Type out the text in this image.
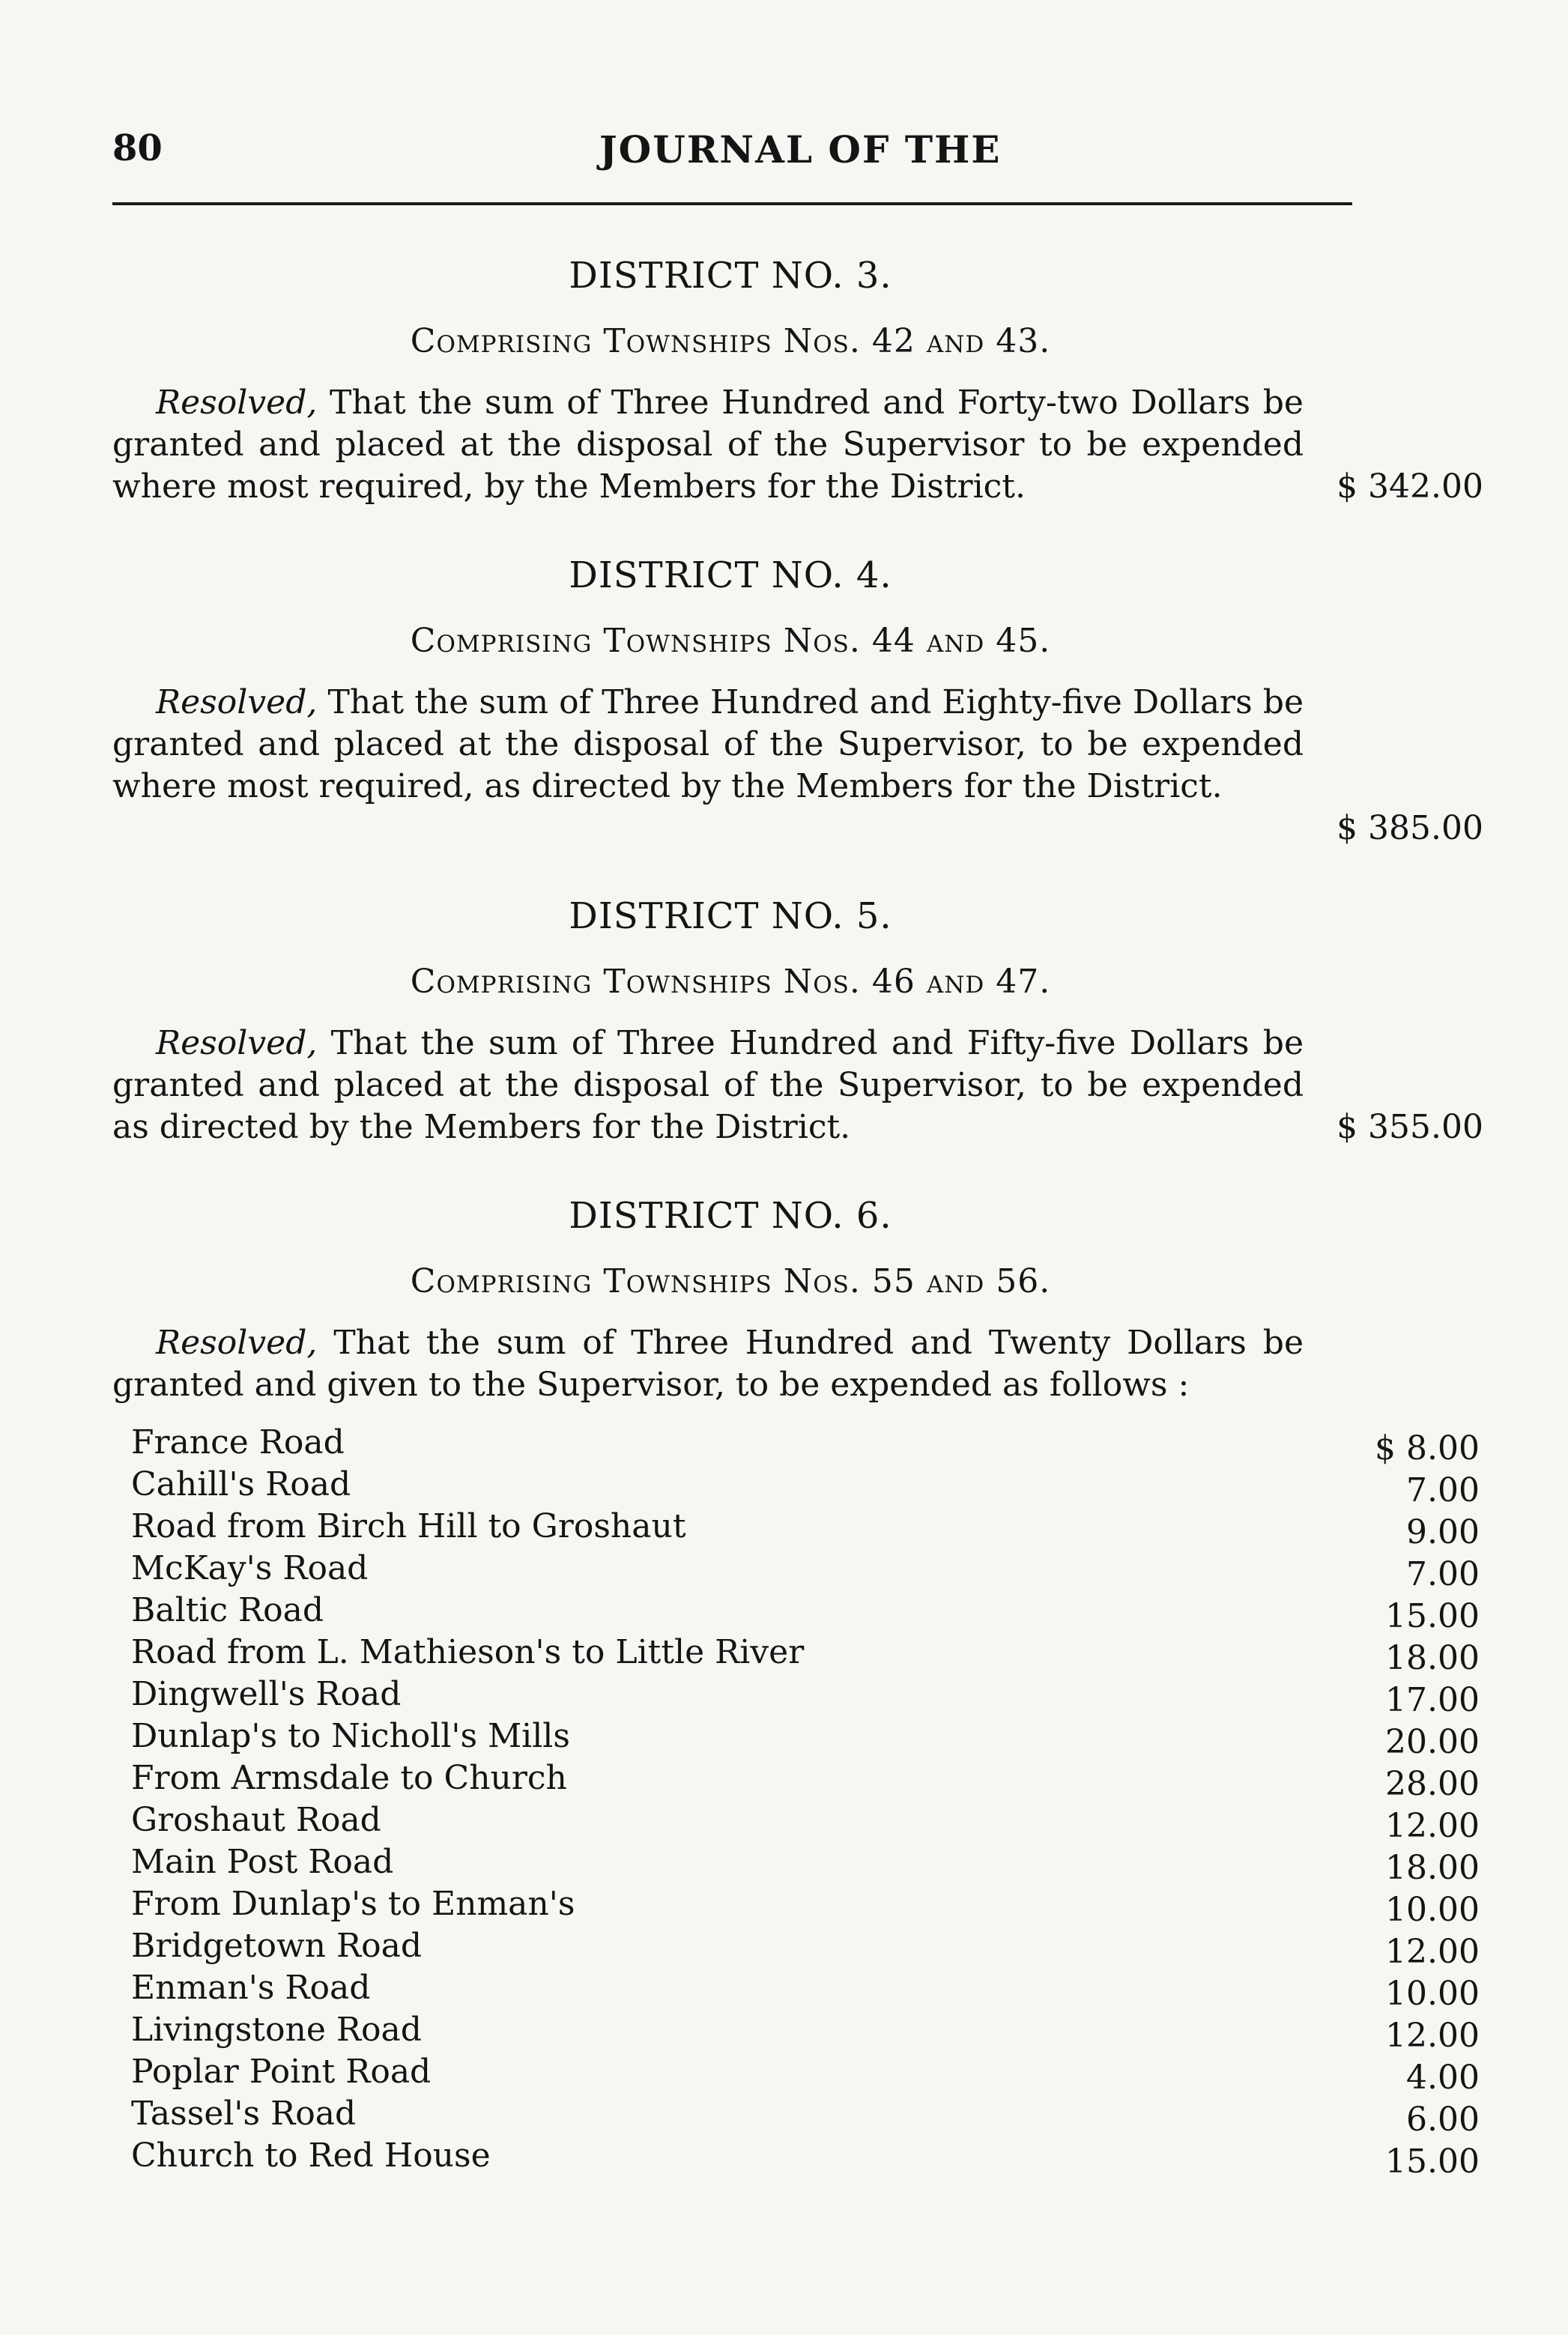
80	JOURNAL OF THE
DISTRICT NO. 3.
Comprising Townships Nos. 42 and 43.
Resolved, That the sum of Three Hundred and Forty-two Dollars be granted and placed at the disposal of the Supervisor to be expended where most required, by the Members for the District.	$ 342.00
DISTRICT NO. 4.
Comprising Townships Nos. 44 and 45.
Resolved, That the sum of Three Hundred and Eighty-five Dollars be granted and placed at the disposal of the Supervisor, to be expended where most required, as directed by the Members for the District.
$ 385.00
DISTRICT NO. 5.
Comprising Townships Nos. 46 and 47.
Resolved, That the sum of Three Hundred and Fifty-five Dollars be granted and placed at the disposal of the Supervisor, to be expended as directed by the Members for the District.	$ 355.00
DISTRICT NO. 6.
Comprising Townships Nos. 55 and 56.
Resolved, That the sum of Three Hundred and Twenty Dollars be granted and given to the Supervisor, to be expended as follows :
France Road	$ 8.00
Cahill's Road	7.00
Road from Birch Hill to Groshaut	9.00
McKay's Road	7.00
Baltic Road	15.00
Road from L. Mathieson's to Little River	18.00
Dingwell's Road	17.00
Dunlap's to Nicholl's Mills	20.00
From Armsdale to Church	28.00
Groshaut Road	12.00
Main Post Road	18.00
From Dunlap's to Enman's	10.00
Bridgetown Road	12.00
Enman's Road	10.00
Livingstone Road	12.00
Poplar Point Road	4.00
Tassel's Road	6.00
Church to Red House	15.00
